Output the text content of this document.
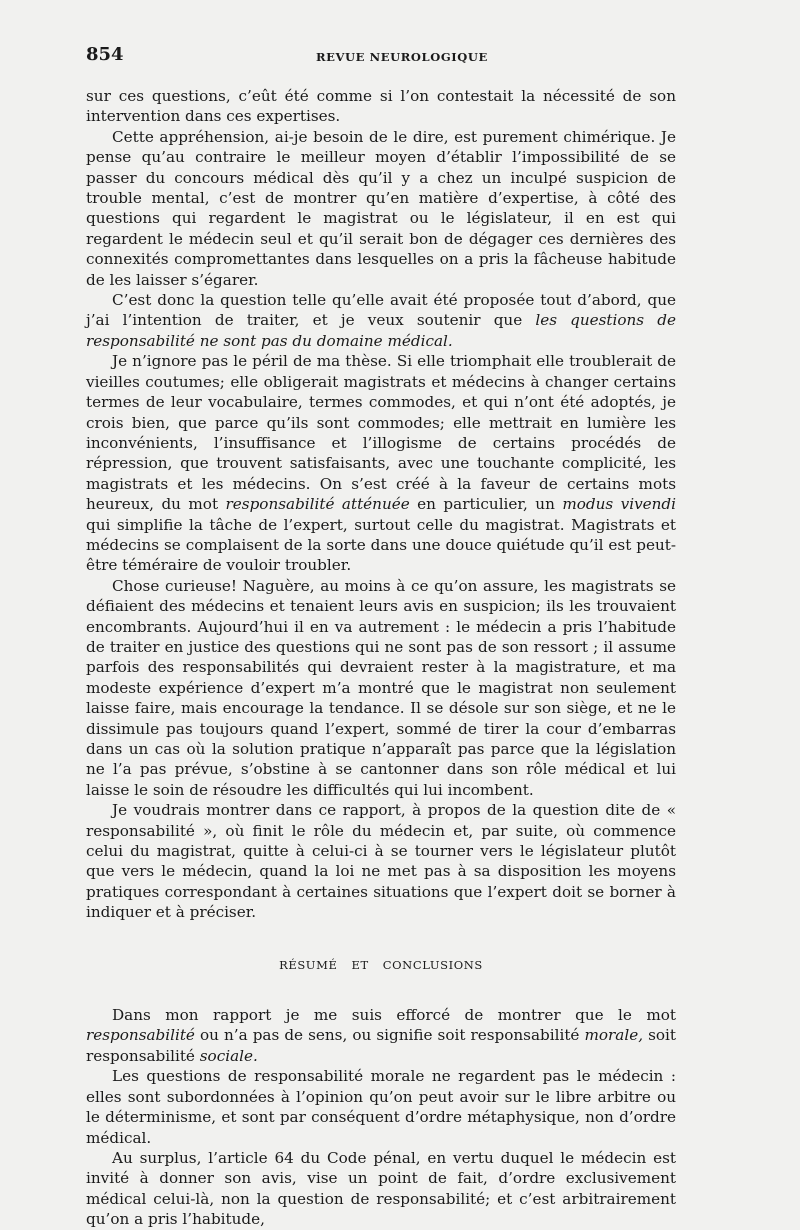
854	REVUE NEUROLOGIQUE

sur ces questions, c’eût été comme si l’on contestait la nécessité de son intervention dans ces expertises.

Cette appréhension, ai-je besoin de le dire, est purement chimérique. Je pense qu’au contraire le meilleur moyen d’établir l’impossibilité de se passer du concours médical dès qu’il y a chez un inculpé suspicion de trouble mental, c’est de montrer qu’en matière d’expertise, à côté des questions qui regardent le magistrat ou le législateur, il en est qui regardent le médecin seul et qu’il serait bon de dégager ces dernières des connexités compromettantes dans lesquelles on a pris la fâcheuse habitude de les laisser s’égarer.

C’est donc la question telle qu’elle avait été proposée tout d’abord, que j’ai l’intention de traiter, et je veux soutenir que les questions de responsabilité ne sont pas du domaine médical.

Je n’ignore pas le péril de ma thèse. Si elle triomphait elle troublerait de vieilles coutumes; elle obligerait magistrats et médecins à changer certains termes de leur vocabulaire, termes commodes, et qui n’ont été adoptés, je crois bien, que parce qu’ils sont commodes; elle mettrait en lumière les inconvénients, l’insuffisance et l’illogisme de certains procédés de répression, que trouvent satisfaisants, avec une touchante complicité, les magistrats et les médecins. On s’est créé à la faveur de certains mots heureux, du mot responsabilité atténuée en particulier, un modus vivendi qui simplifie la tâche de l’expert, surtout celle du magistrat. Magistrats et médecins se complaisent de la sorte dans une douce quiétude qu’il est peut-être téméraire de vouloir troubler.

Chose curieuse! Naguère, au moins à ce qu’on assure, les magistrats se défiaient des médecins et tenaient leurs avis en suspicion; ils les trouvaient encombrants. Aujourd’hui il en va autrement : le médecin a pris l’habitude de traiter en justice des questions qui ne sont pas de son ressort ; il assume parfois des responsabilités qui devraient rester à la magistrature, et ma modeste expérience d’expert m’a montré que le magistrat non seulement laisse faire, mais encourage la tendance. Il se désole sur son siège, et ne le dissimule pas toujours quand l’expert, sommé de tirer la cour d’embarras dans un cas où la solution pratique n’apparaît pas parce que la législation ne l’a pas prévue, s’obstine à se cantonner dans son rôle médical et lui laisse le soin de résoudre les difficultés qui lui incombent.

Je voudrais montrer dans ce rapport, à propos de la question dite de « responsabilité », où finit le rôle du médecin et, par suite, où commence celui du magistrat, quitte à celui-ci à se tourner vers le législateur plutôt que vers le médecin, quand la loi ne met pas à sa disposition les moyens pratiques correspondant à certaines situations que l’expert doit se borner à indiquer et à préciser.

RÉSUMÉ ET CONCLUSIONS

Dans mon rapport je me suis efforcé de montrer que le mot responsabilité ou n’a pas de sens, ou signifie soit responsabilité morale, soit responsabilité sociale.

Les questions de responsabilité morale ne regardent pas le médecin : elles sont subordonnées à l’opinion qu’on peut avoir sur le libre arbitre ou le déterminisme, et sont par conséquent d’ordre métaphysique, non d’ordre médical.

Au surplus, l’article 64 du Code pénal, en vertu duquel le médecin est invité à donner son avis, vise un point de fait, d’ordre exclusivement médical celui-là, non la question de responsabilité; et c’est arbitrairement qu’on a pris l’habitude,
